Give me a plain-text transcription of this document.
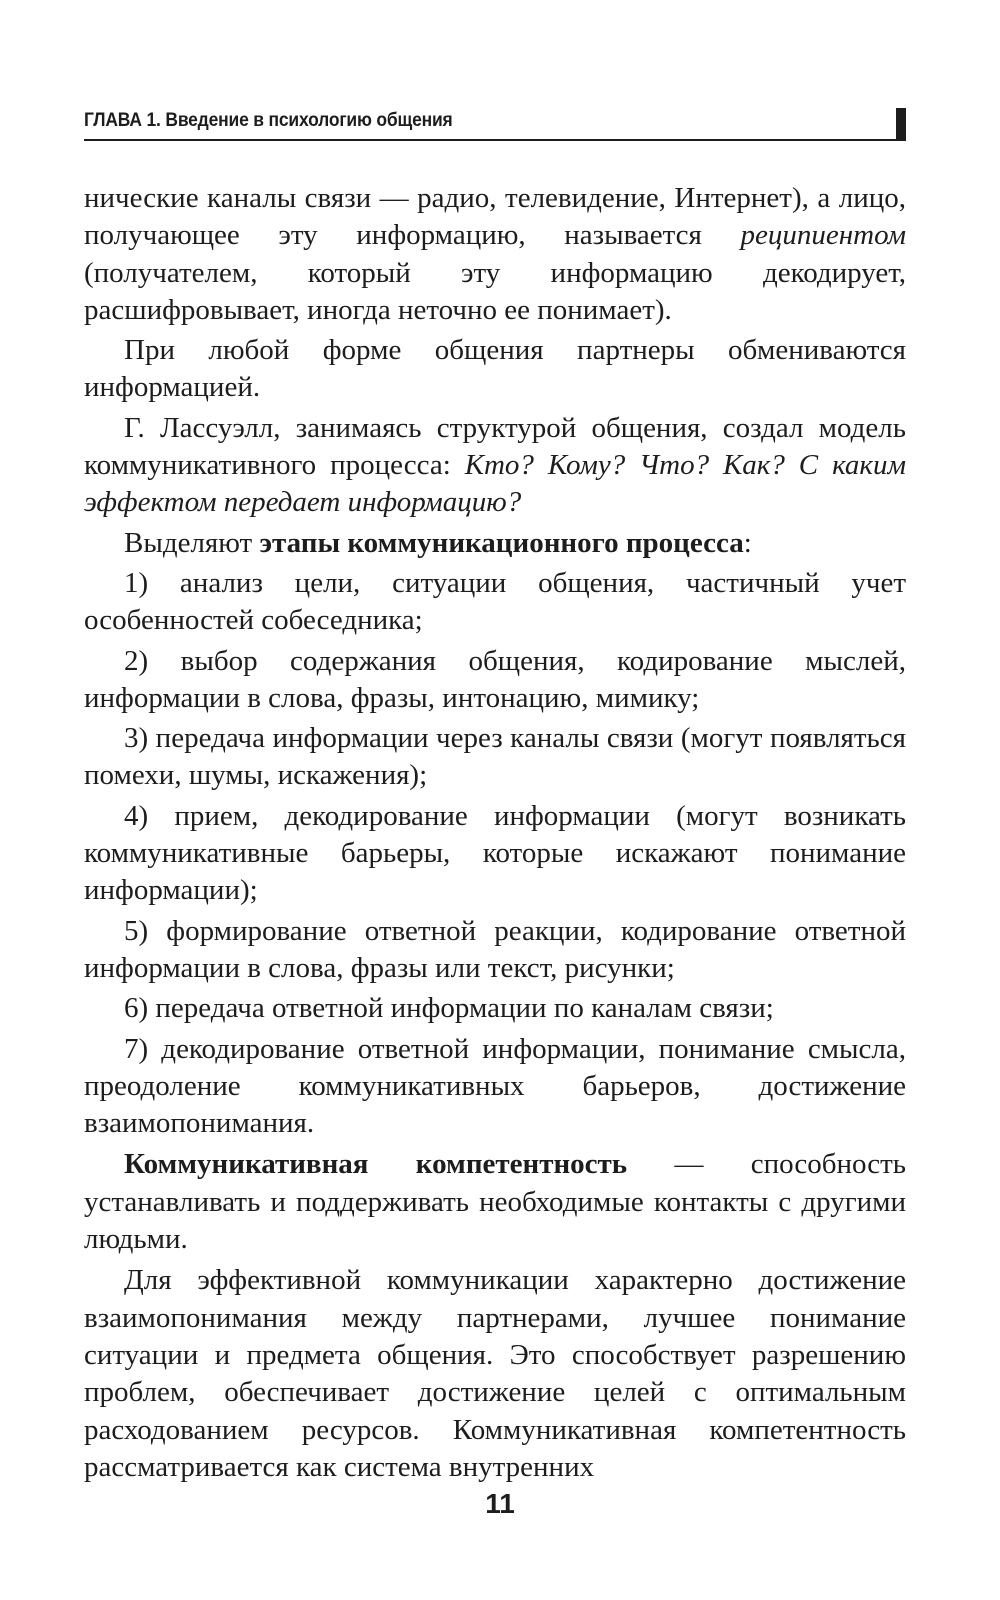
ГЛАВА 1. Введение в психологию общения

нические каналы связи — радио, телевидение, Интернет), а лицо, получающее эту информацию, называется реципиентом (получателем, который эту информацию декодирует, расшифровывает, иногда неточно ее понимает).

При любой форме общения партнеры обмениваются информацией.

Г. Лассуэлл, занимаясь структурой общения, создал модель коммуникативного процесса: Кто? Кому? Что? Как? С каким эффектом передает информацию?

Выделяют этапы коммуникационного процесса:

1) анализ цели, ситуации общения, частичный учет особенностей собеседника;

2) выбор содержания общения, кодирование мыслей, информации в слова, фразы, интонацию, мимику;

3) передача информации через каналы связи (могут появляться помехи, шумы, искажения);

4) прием, декодирование информации (могут возникать коммуникативные барьеры, которые искажают понимание информации);

5) формирование ответной реакции, кодирование ответной информации в слова, фразы или текст, рисунки;

6) передача ответной информации по каналам связи;

7) декодирование ответной информации, понимание смысла, преодоление коммуникативных барьеров, достижение взаимопонимания.

Коммуникативная компетентность — способность устанавливать и поддерживать необходимые контакты с другими людьми.

Для эффективной коммуникации характерно достижение взаимопонимания между партнерами, лучшее понимание ситуации и предмета общения. Это способствует разрешению проблем, обеспечивает достижение целей с оптимальным расходованием ресурсов. Коммуникативная компетентность рассматривается как система внутренних

11
